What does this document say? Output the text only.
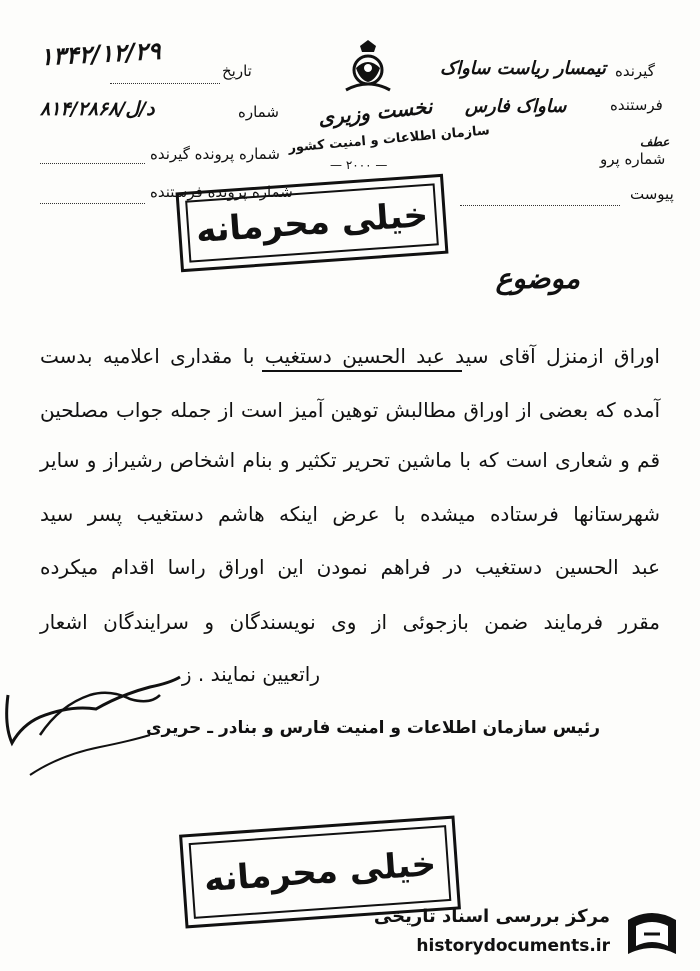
۱۳۴۲/۱۲/۲۹	تاریخ
شماره
۸۱۴/د/ل/۲۸۶۸
شماره پرونده گیرنده
شماره پرونده فرستنده
نخست وزیری
سازمان اطلاعات و امنیت کشور
— ۲۰۰۰ —
گیرنده
تیمسار ریاست ساواک
فرستنده
ساواک فارس
شماره پرو
عطف
پیوست
خیلی محرمانه
موضوع
اوراق ازمنزل آقای سید عبد الحسین دستغیب با مقداری اعلامیه بدست
آمده که بعضی از اوراق مطالبش توهین آمیز است از جمله جواب مصلحین
قم و شعاری است که با ماشین تحریر تکثیر و بنام اشخاص رشیراز و سایر
شهرستانها فرستاده میشده با عرض اینکه هاشم دستغیب پسر سید
عبد الحسین دستغیب در فراهم نمودن این اوراق راسا اقدام میکرده
مقرر فرمایند ضمن بازجوئی از وی نویسندگان و سرایندگان اشعار
راتعیین نمایند . ز
رئیس سازمان اطلاعات و امنیت فارس و بنادر ـ حریری
خیلی محرمانه
مرکز بررسی اسناد تاریخی
historydocuments.ir
